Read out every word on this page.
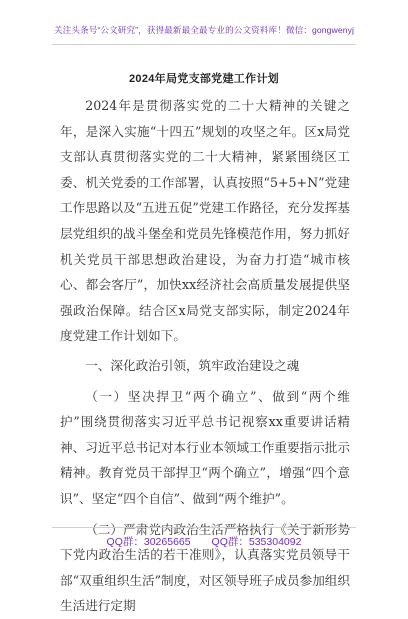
关注头条号“公文研究”，获得最新最全最专业的公文资料库！微信：gongwenyj
2024年局党支部党建工作计划

2024年是贯彻落实党的二十大精神的关键之年，是深入实施“十四五”规划的攻坚之年。区x局党支部认真贯彻落实党的二十大精神，紧紧围绕区工委、机关党委的工作部署，认真按照“5+5+N”党建工作思路以及“五进五促”党建工作路径，充分发挥基层党组织的战斗堡垒和党员先锋模范作用，努力抓好机关党员干部思想政治建设，为奋力打造“城市核心、都会客厅”，加快xx经济社会高质量发展提供坚强政治保障。结合区x局党支部实际，制定2024年度党建工作计划如下。

一、深化政治引领，筑牢政治建设之魂

（一）坚决捍卫“两个确立”、做到“两个维护”围绕贯彻落实习近平总书记视察xx重要讲话精神、习近平总书记对本行业本领域工作重要指示批示精神。教育党员干部捍卫“两个确立”，增强“四个意识”、坚定“四个自信”、做到“两个维护”。

（二）严肃党内政治生活严格执行《关于新形势下党内政治生活的若干准则》，认真落实党员领导干部“双重组织生活”制度，对区领导班子成员参加组织生活进行定期

QQ群：30265665 QQ群：535304092
